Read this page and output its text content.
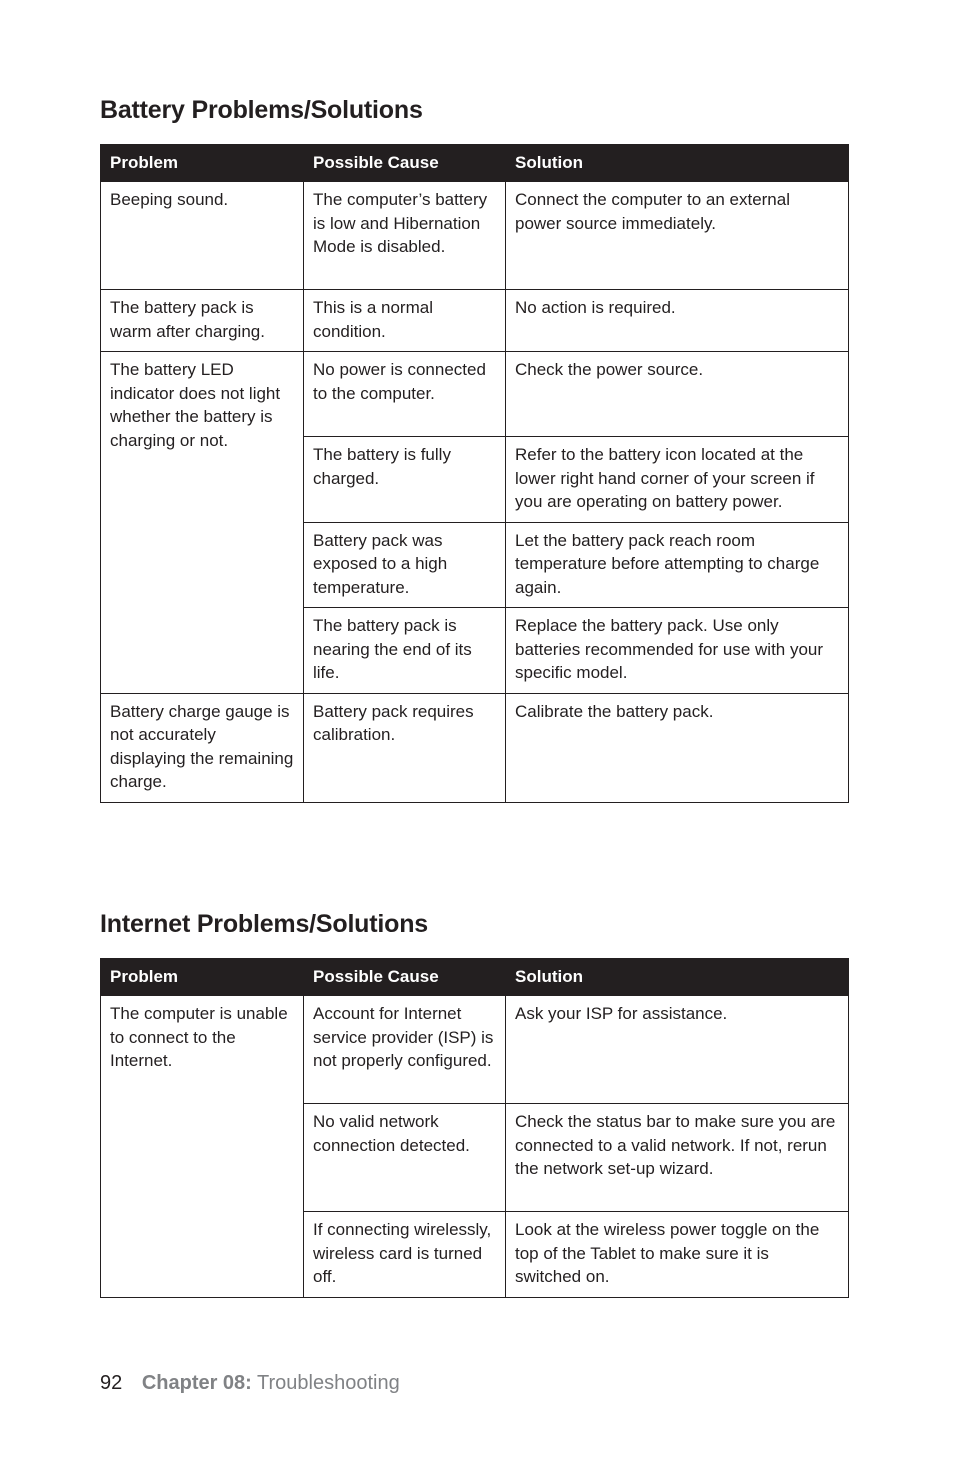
Battery Problems/Solutions
Problem	Possible Cause	Solution
Beeping sound.	The computer’s battery is low and Hibernation Mode is disabled.	Connect the computer to an external power source immediately.
The battery pack is warm after charging.	This is a normal condition.	No action is required.
The battery LED indicator does not light whether the battery is charging or not.	No power is connected to the computer.	Check the power source.
	The battery is fully charged.	Refer to the battery icon located at the lower right hand corner of your screen if you are operating on battery power.
	Battery pack was exposed to a high temperature.	Let the battery pack reach room temperature before attempting to charge again.
	The battery pack is nearing the end of its life.	Replace the battery pack. Use only batteries recommended for use with your specific model.
Battery charge gauge is not accurately displaying the remaining charge.	Battery pack requires calibration.	Calibrate the battery pack.
Internet Problems/Solutions
Problem	Possible Cause	Solution
The computer is unable to connect to the Internet.	Account for Internet service provider (ISP) is not properly configured.	Ask your ISP for assistance.
	No valid network connection detected.	Check the status bar to make sure you are connected to a valid network. If not, rerun the network set-up wizard.
	If connecting wirelessly, wireless card is turned off.	Look at the wireless power toggle on the top of the Tablet to make sure it is switched on.
92 Chapter 08: Troubleshooting
